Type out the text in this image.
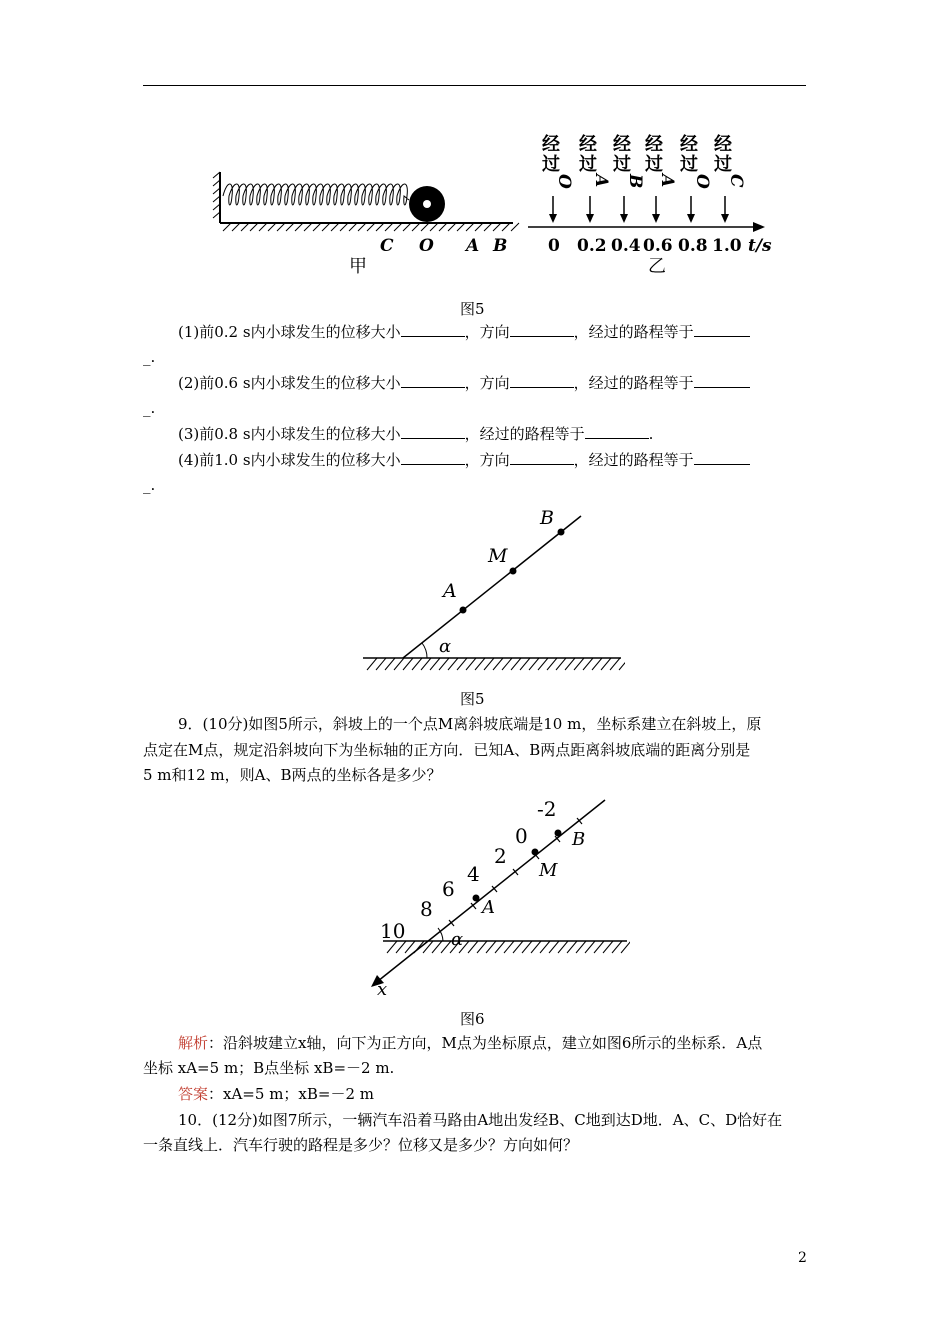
C O A B
甲
经
过
O
0
经
过
A
0.2
经
过
B
0.4
经
过
A
0.6
经
过
O
0.8
经
过
C
1.0 t/s
乙
图5
(1)前0.2 s内小球发生的位移大小	，方向	，经过的路程等于
_.
(2)前0.6 s内小球发生的位移大小	，方向	，经过的路程等于
_.
(3)前0.8 s内小球发生的位移大小	，经过的路程等于	.
(4)前1.0 s内小球发生的位移大小	，方向	，经过的路程等于
_.
α
A
M
B
图5
9．(10分)如图5所示，斜坡上的一个点M离斜坡底端是10 m，坐标系建立在斜坡上，原
点定在M点，规定沿斜坡向下为坐标轴的正方向．已知A、B两点距离斜坡底端的距离分别是
5 m和12 m，则A、B两点的坐标各是多少？
α
-2
0
2
4
6
8
10
B
M
A
x
图6
解析：沿斜坡建立x轴，向下为正方向，M点为坐标原点，建立如图6所示的坐标系．A点
坐标 xA=5 m；B点坐标 xB=－2 m.
答案：xA=5 m；xB=－2 m
10．(12分)如图7所示，一辆汽车沿着马路由A地出发经B、C地到达D地．A、C、D恰好在
一条直线上．汽车行驶的路程是多少？位移又是多少？方向如何？
2
